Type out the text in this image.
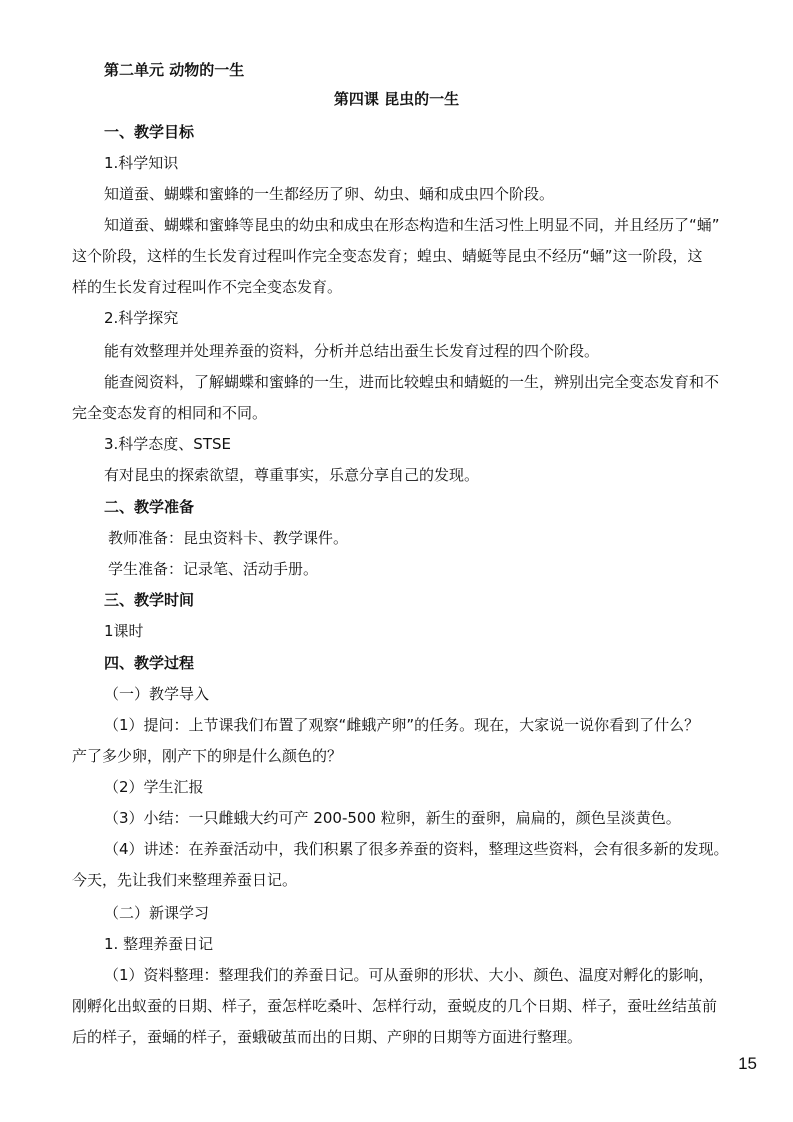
第二单元 动物的一生
第四课 昆虫的一生
一、教学目标
1.科学知识
知道蚕、蝴蝶和蜜蜂的一生都经历了卵、幼虫、蛹和成虫四个阶段。
知道蚕、蝴蝶和蜜蜂等昆虫的幼虫和成虫在形态构造和生活习性上明显不同，并且经历了“蛹”
这个阶段，这样的生长发育过程叫作完全变态发育；蝗虫、蜻蜓等昆虫不经历“蛹”这一阶段，这
样的生长发育过程叫作不完全变态发育。
2.科学探究
能有效整理并处理养蚕的资料，分析并总结出蚕生长发育过程的四个阶段。
能查阅资料，了解蝴蝶和蜜蜂的一生，进而比较蝗虫和蜻蜓的一生，辨别出完全变态发育和不
完全变态发育的相同和不同。
3.科学态度、STSE
有对昆虫的探索欲望，尊重事实，乐意分享自己的发现。
二、教学准备
教师准备：昆虫资料卡、教学课件。
学生准备：记录笔、活动手册。
三、教学时间
1课时
四、教学过程
（一）教学导入
（1）提问：上节课我们布置了观察“雌蛾产卵”的任务。现在，大家说一说你看到了什么？
产了多少卵，刚产下的卵是什么颜色的？
（2）学生汇报
（3）小结：一只雌蛾大约可产 200-500 粒卵，新生的蚕卵，扁扁的，颜色呈淡黄色。
（4）讲述：在养蚕活动中，我们积累了很多养蚕的资料，整理这些资料，会有很多新的发现。
今天，先让我们来整理养蚕日记。
（二）新课学习
1. 整理养蚕日记
（1）资料整理：整理我们的养蚕日记。可从蚕卵的形状、大小、颜色、温度对孵化的影响，
刚孵化出蚁蚕的日期、样子，蚕怎样吃桑叶、怎样行动，蚕蜕皮的几个日期、样子，蚕吐丝结茧前
后的样子，蚕蛹的样子，蚕蛾破茧而出的日期、产卵的日期等方面进行整理。
15
